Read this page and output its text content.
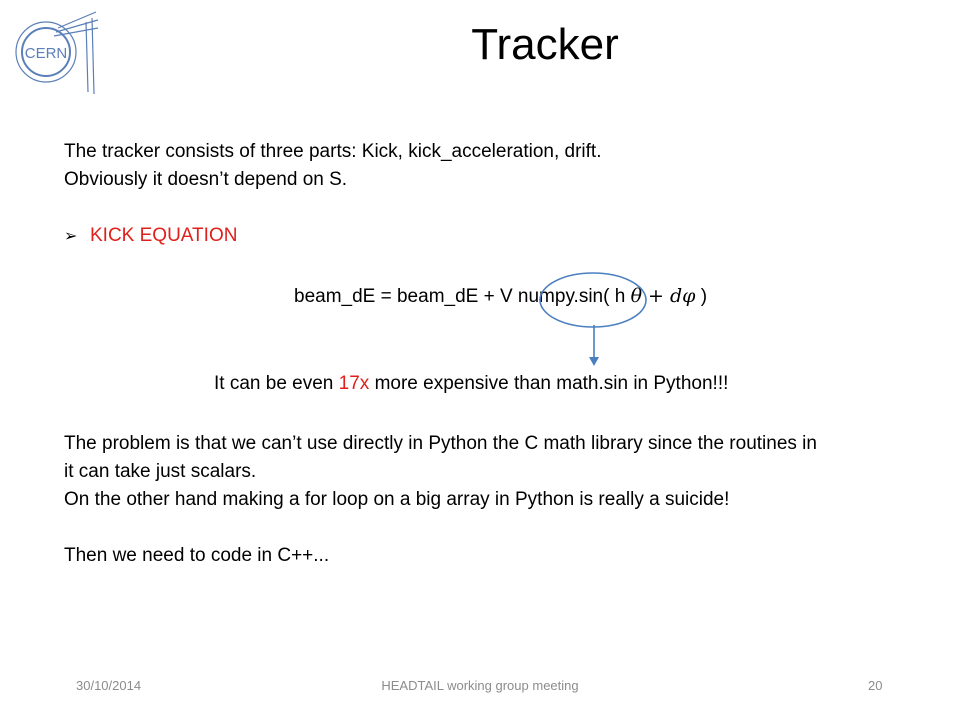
CERN	Tracker
The tracker consists of three parts: Kick, kick_acceleration, drift.
Obviously it doesn’t depend on S.
➢ KICK EQUATION
beam_dE = beam_dE + V numpy.sin( h θ + dφ )
It can be even 17x more expensive than math.sin in Python!!!
The problem is that we can’t use directly in Python the C math library since the routines in
it can take just scalars.
On the other hand making a for loop on a big array in Python is really a suicide!
Then we need to code in C++...
30/10/2014	HEADTAIL working group meeting	20
